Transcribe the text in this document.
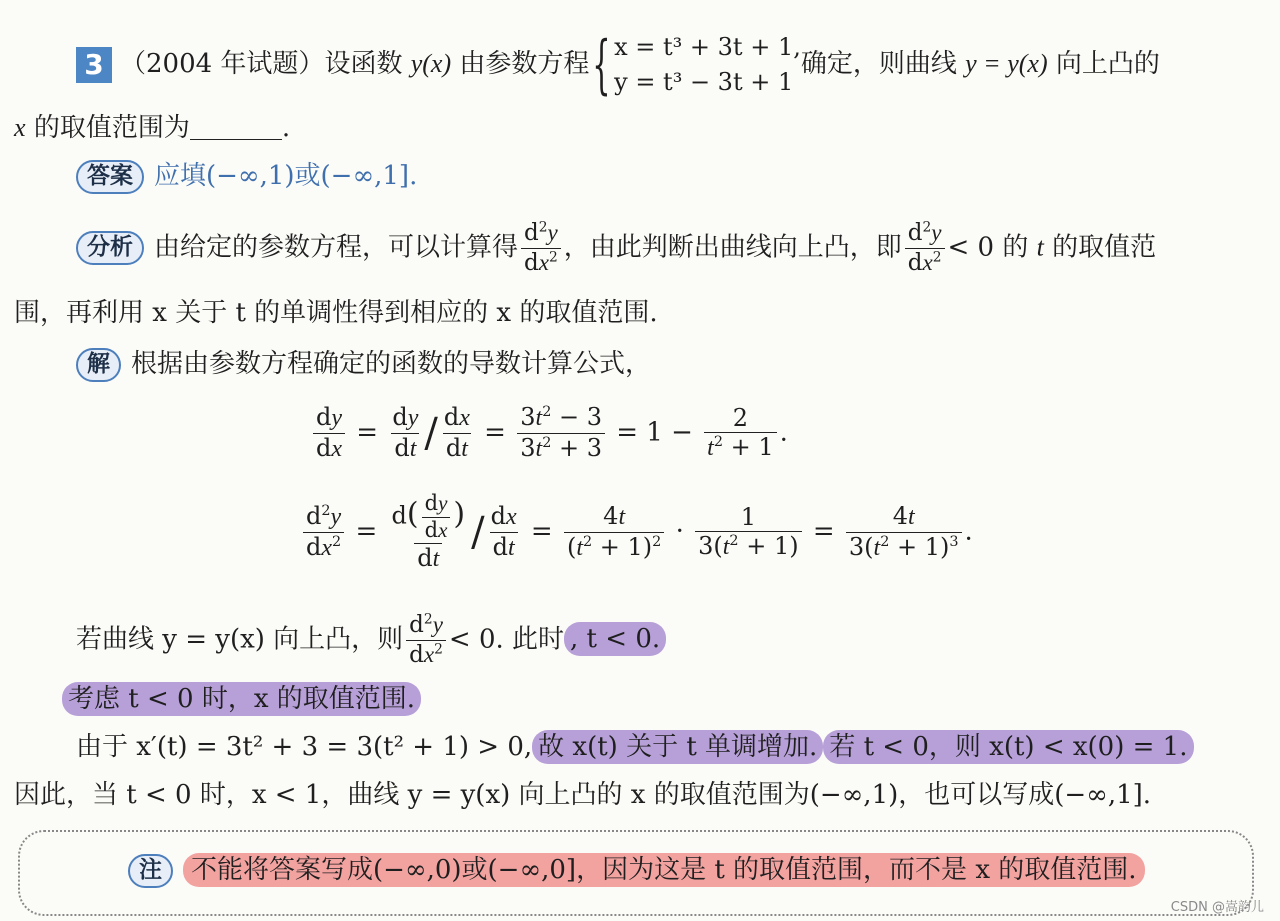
3 （2004 年试题）设函数 y(x) 由参数方程{ x = t³ + 3t + 1,
y = t³ − 3t + 1
确定，则曲线 y = y(x) 向上凸的
x 的取值范围为	.
答案 应填(−∞,1)或(−∞,1].
分析 由给定的参数方程，可以计算得 $\frac{d^2y}{dx^2}$ ，由此判断出曲线向上凸，即 $\frac{d^2y}{dx^2} < 0$ 的 t 的取值范
围，再利用 x 关于 t 的单调性得到相应的 x 的取值范围.
解 根据由参数方程确定的函数的导数计算公式，
$\frac{dy}{dx} = \frac{dy}{dt} / \frac{dx}{dt} = \frac{3t^2 - 3}{3t^2 + 3} = 1 - \frac{2}{t^2 + 1}$ .
$\frac{d^2y}{dx^2} = \frac{d( \frac{dy}{dx} )}{dt} / \frac{dx}{dt} = \frac{4t}{(t^2 + 1)^2} \cdot \frac{1}{3(t^2 + 1)} = \frac{4t}{3(t^2 + 1)^3}$ .
若曲线 y = y(x) 向上凸，则 $\frac{d^2y}{dx^2} < 0$. 此时 , t < 0.
考虑 t < 0 时，x 的取值范围.
由于 x′(t) = 3t² + 3 = 3(t² + 1) > 0, 故 x(t) 关于 t 单调增加. 若 t < 0，则 x(t) < x(0) = 1.
因此，当 t < 0 时，x < 1，曲线 y = y(x) 向上凸的 x 的取值范围为(−∞,1)，也可以写成(−∞,1].
注 不能将答案写成(−∞,0)或(−∞,0]，因为这是 t 的取值范围，而不是 x 的取值范围.
CSDN @嵩韵儿
